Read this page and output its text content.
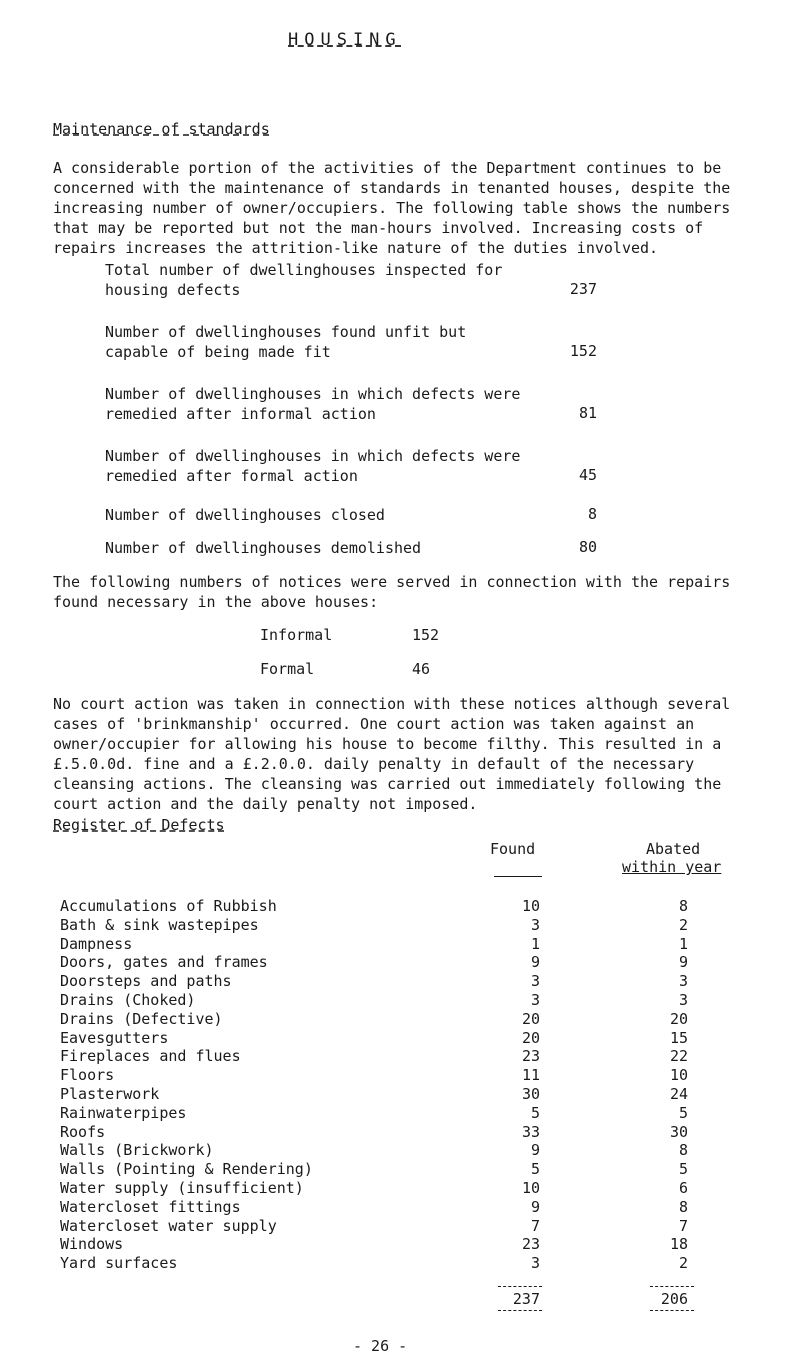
HOUSING
Maintenance of standards
A considerable portion of the activities of the Department continues to be concerned with the maintenance of standards in tenanted houses, despite the increasing number of owner/occupiers. The following table shows the numbers that may be reported but not the man-hours involved. Increasing costs of repairs increases the attrition-like nature of the duties involved.
Total number of dwellinghouses inspected for housing defects	237
Number of dwellinghouses found unfit but capable of being made fit	152
Number of dwellinghouses in which defects were remedied after informal action	81
Number of dwellinghouses in which defects were remedied after formal action	45
Number of dwellinghouses closed	8
Number of dwellinghouses demolished	80
The following numbers of notices were served in connection with the repairs found necessary in the above houses:
Informal	152
Formal	46
No court action was taken in connection with these notices although several cases of 'brinkmanship' occurred. One court action was taken against an owner/occupier for allowing his house to become filthy. This resulted in a £.5.0.0d. fine and a £.2.0.0. daily penalty in default of the necessary cleansing actions. The cleansing was carried out immediately following the court action and the daily penalty not imposed.
Register of Defects
Found	Abated
within year
Accumulations of Rubbish	10	8
Bath & sink wastepipes	3	2
Dampness	1	1
Doors, gates and frames	9	9
Doorsteps and paths	3	3
Drains (Choked)	3	3
Drains (Defective)	20	20
Eavesgutters	20	15
Fireplaces and flues	23	22
Floors	11	10
Plasterwork	30	24
Rainwaterpipes	5	5
Roofs	33	30
Walls (Brickwork)	9	8
Walls (Pointing & Rendering)	5	5
Water supply (insufficient)	10	6
Watercloset fittings	9	8
Watercloset water supply	7	7
Windows	23	18
Yard surfaces	3	2
237	206
- 26 -
